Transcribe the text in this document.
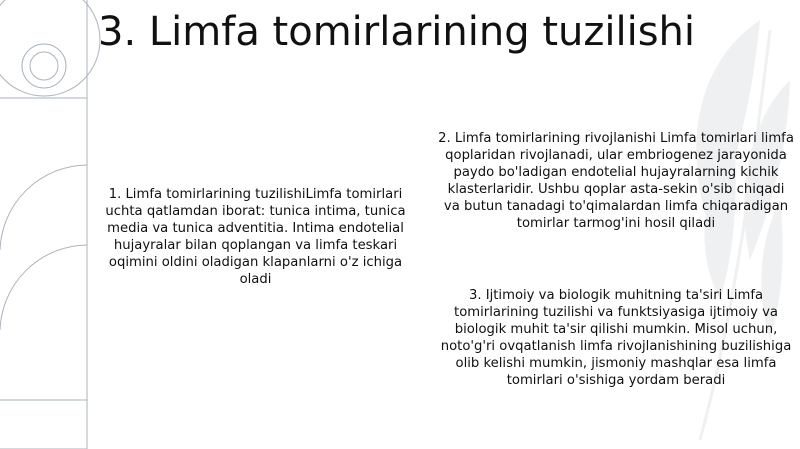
3. Limfa tomirlarining tuzilishi

1. Limfa tomirlarining tuzilishiLimfa tomirlari uchta qatlamdan iborat: tunica intima, tunica media va tunica adventitia. Intima endotelial hujayralar bilan qoplangan va limfa teskari oqimini oldini oladigan klapanlarni o'z ichiga oladi

2. Limfa tomirlarining rivojlanishi Limfa tomirlari limfa qoplaridan rivojlanadi, ular embriogenez jarayonida paydo bo'ladigan endotelial hujayralarning kichik klasterlaridir. Ushbu qoplar asta-sekin o'sib chiqadi va butun tanadagi to'qimalardan limfa chiqaradigan tomirlar tarmog'ini hosil qiladi

3. Ijtimoiy va biologik muhitning ta'siri Limfa tomirlarining tuzilishi va funktsiyasiga ijtimoiy va biologik muhit ta'sir qilishi mumkin. Misol uchun, noto'g'ri ovqatlanish limfa rivojlanishining buzilishiga olib kelishi mumkin, jismoniy mashqlar esa limfa tomirlari o'sishiga yordam beradi
